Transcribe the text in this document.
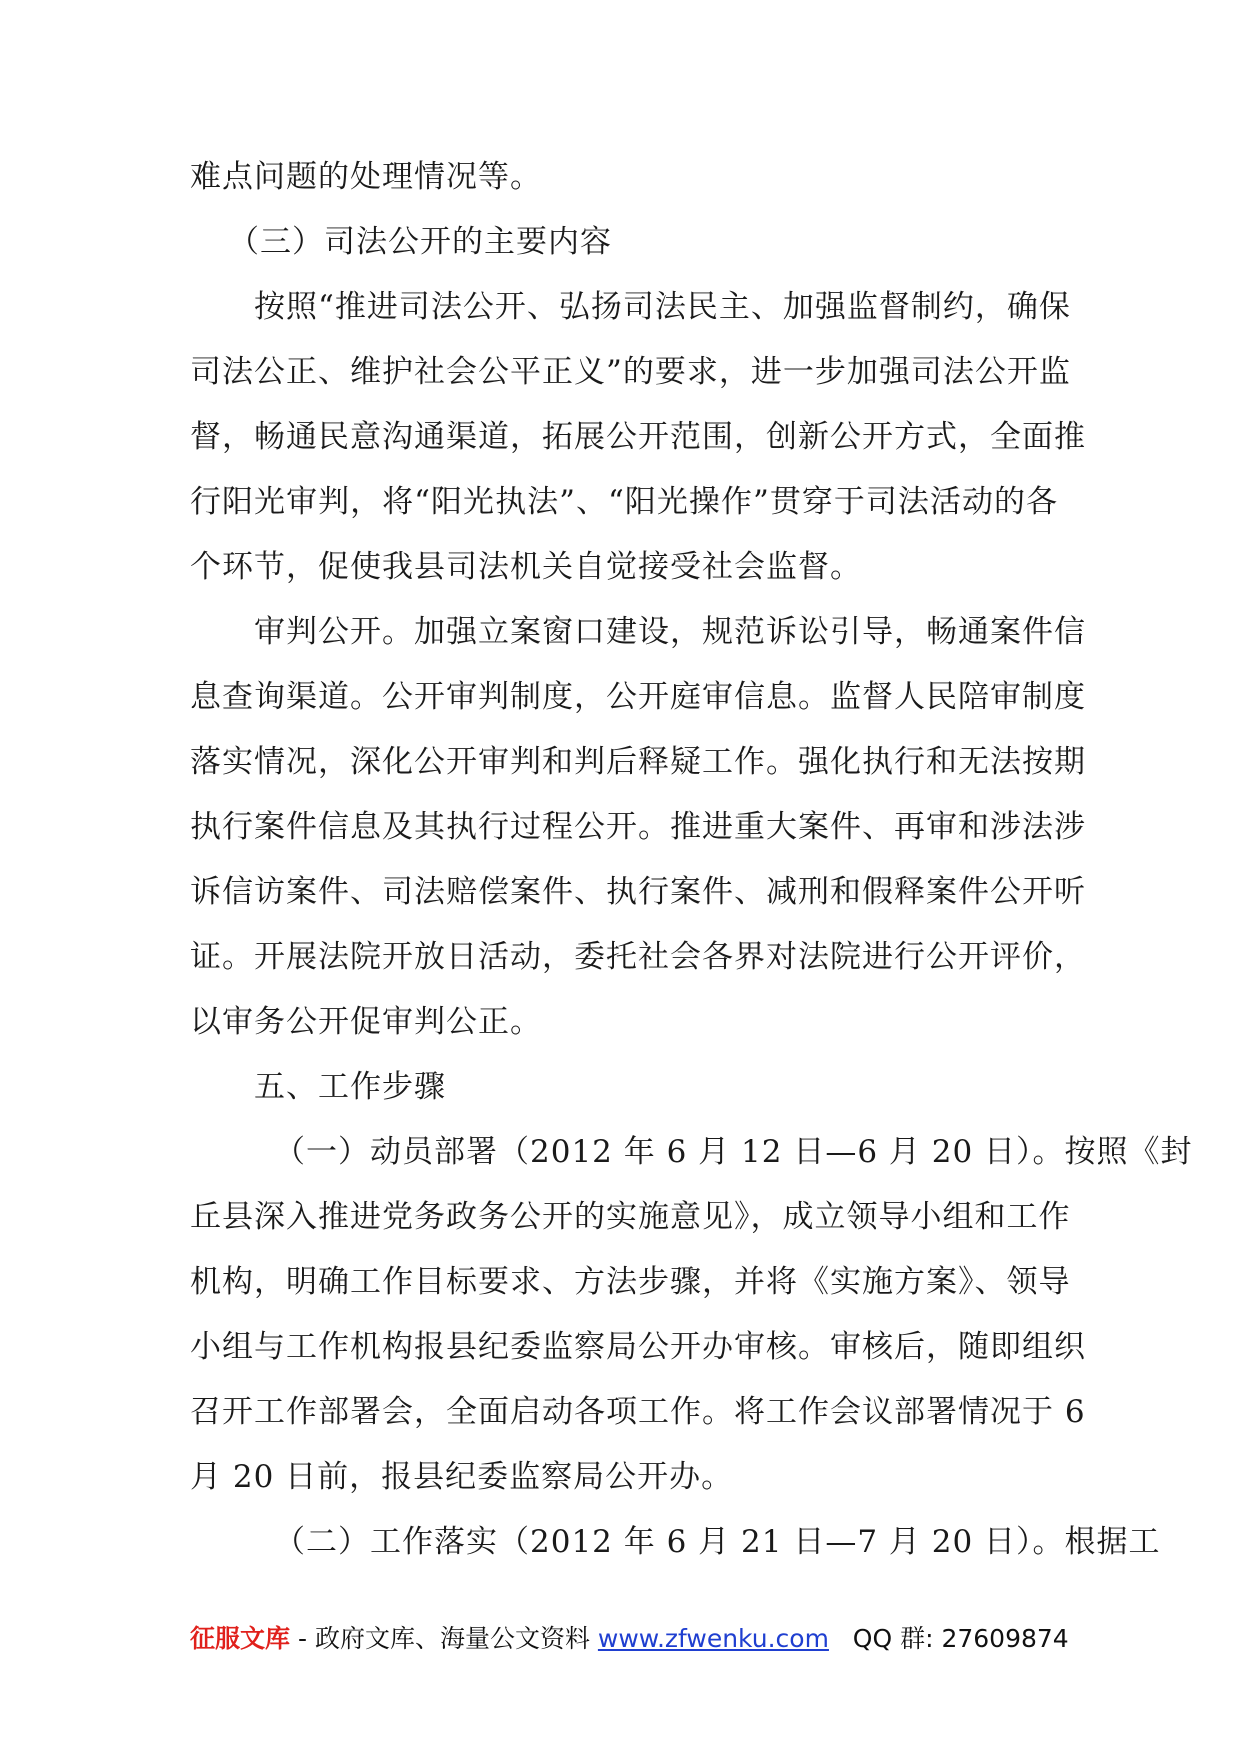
难点问题的处理情况等。
（三）司法公开的主要内容
按照“推进司法公开、弘扬司法民主、加强监督制约，确保
司法公正、维护社会公平正义”的要求，进一步加强司法公开监
督，畅通民意沟通渠道，拓展公开范围，创新公开方式，全面推
行阳光审判，将“阳光执法”、“阳光操作”贯穿于司法活动的各
个环节，促使我县司法机关自觉接受社会监督。
审判公开。加强立案窗口建设，规范诉讼引导，畅通案件信
息查询渠道。公开审判制度，公开庭审信息。监督人民陪审制度
落实情况，深化公开审判和判后释疑工作。强化执行和无法按期
执行案件信息及其执行过程公开。推进重大案件、再审和涉法涉
诉信访案件、司法赔偿案件、执行案件、减刑和假释案件公开听
证。开展法院开放日活动，委托社会各界对法院进行公开评价，
以审务公开促审判公正。
五、工作步骤
（一）动员部署（2012 年 6 月 12 日—6 月 20 日）。按照《封
丘县深入推进党务政务公开的实施意见》，成立领导小组和工作
机构，明确工作目标要求、方法步骤，并将《实施方案》、领导
小组与工作机构报县纪委监察局公开办审核。审核后，随即组织
召开工作部署会，全面启动各项工作。将工作会议部署情况于 6
月 20 日前，报县纪委监察局公开办。
（二）工作落实（2012 年 6 月 21 日—7 月 20 日）。根据工
征服文库 - 政府文库、海量公文资料 www.zfwenku.com QQ 群: 27609874
